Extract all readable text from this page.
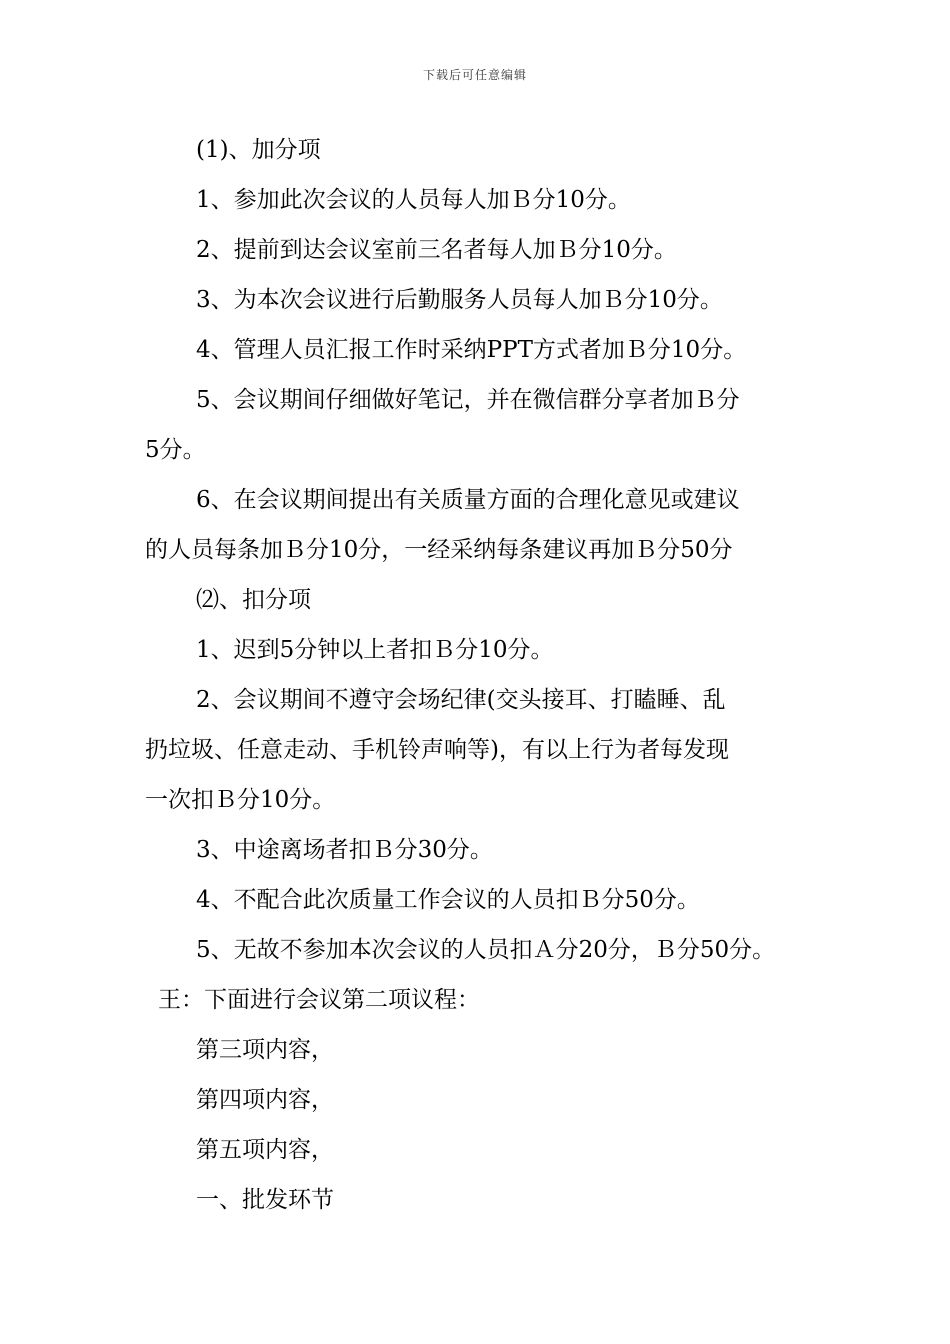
下载后可任意编辑
(1)、加分项
1、参加此次会议的人员每人加Ｂ分10分。
2、提前到达会议室前三名者每人加Ｂ分10分。
3、为本次会议进行后勤服务人员每人加Ｂ分10分。
4、管理人员汇报工作时采纳PPT方式者加Ｂ分10分。
5、会议期间仔细做好笔记，并在微信群分享者加Ｂ分
5分。
6、在会议期间提出有关质量方面的合理化意见或建议
的人员每条加Ｂ分10分，一经采纳每条建议再加Ｂ分50分
⑵、扣分项
1、迟到5分钟以上者扣Ｂ分10分。
2、会议期间不遵守会场纪律(交头接耳、打瞌睡、乱
扔垃圾、任意走动、手机铃声响等)，有以上行为者每发现
一次扣Ｂ分10分。
3、中途离场者扣Ｂ分30分。
4、不配合此次质量工作会议的人员扣Ｂ分50分。
5、无故不参加本次会议的人员扣Ａ分20分，Ｂ分50分。
王：下面进行会议第二项议程：
第三项内容，
第四项内容，
第五项内容，
一、批发环节
